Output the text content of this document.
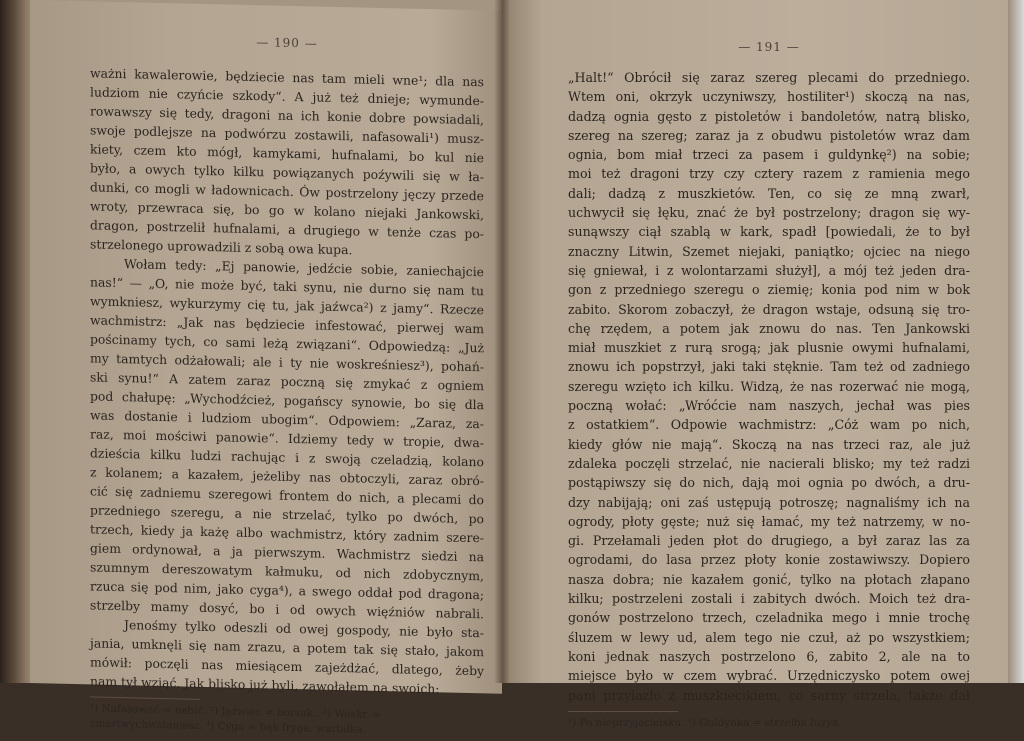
— 190 —
ważni kawalerowie, będziecie nas tam mieli wne¹; dla nas
ludziom nie czyńcie szkody“. A już też dnieje; wymunde-
rowawszy się tedy, dragoni na ich konie dobre powsiadali,
swoje podlejsze na podwórzu zostawili, nafasowali¹) musz-
kiety, czem kto mógł, kamykami, hufnalami, bo kul nie
było, a owych tylko kilku powiązanych poźywili się w ła-
dunki, co mogli w ładownicach. Ów postrzelony jęczy przede
wroty, przewraca się, bo go w kolano niejaki Jankowski,
dragon, postrzelił hufnalami, a drugiego w tenże czas po-
strzelonego uprowadzili z sobą owa kupa.
Wołam tedy: „Ej panowie, jedźcie sobie, zaniechajcie
nas!“ — „O, nie może być, taki synu, nie durno się nam tu
wymkniesz, wykurzymy cię tu, jak jaźwca²) z jamy“. Rzecze
wachmistrz: „Jak nas będziecie infestować, pierwej wam
pościnamy tych, co sami leżą związani“. Odpowiedzą: „Już
my tamtych odżałowali; ale i ty nie woskreśniesz³), pohań-
ski synu!“ A zatem zaraz poczną się zmykać z ogniem
pod chałupę: „Wychodźcież, pogańscy synowie, bo się dla
was dostanie i ludziom ubogim“. Odpowiem: „Zaraz, za-
raz, moi mościwi panowie“. Idziemy tedy w tropie, dwa-
dzieścia kilku ludzi rachując i z swoją czeladzią, kolano
z kolanem; a kazałem, jeżeliby nas obtoczyli, zaraz obró-
cić się zadniemu szeregowi frontem do nich, a plecami do
przedniego szeregu, a nie strzelać, tylko po dwóch, po
trzech, kiedy ja każę albo wachmistrz, który zadnim szere-
giem ordynował, a ja pierwszym. Wachmistrz siedzi na
szumnym dereszowatym kałmuku, od nich zdobycznym,
rzuca się pod nim, jako cyga⁴), a swego oddał pod dragona;
strzelby mamy dosyć, bo i od owych więźniów nabrali.
Jenośmy tylko odeszli od owej gospody, nie było sta-
jania, umknęli się nam zrazu, a potem tak się stało, jakom
mówił: poczęli nas miesiącem zajeżdżać, dlatego, żeby
nam tył wziąć. Jak blisko już byli, zawołałem na swoich:
¹) Nafasować = nabić. ²) Jaźwiec = borsuk.. ³) Woskr. =
zmartwychwstaniesz. ⁴) Cyga = bąk fryga, wartałka.
— 191 —
„Halt!“ Obrócił się zaraz szereg plecami do przedniego.
Wtem oni, okrzyk uczyniwszy, hostiliter¹) skoczą na nas,
dadzą ognia gęsto z pistoletów i bandoletów, natrą blisko,
szereg na szereg; zaraz ja z obudwu pistoletów wraz dam
ognia, bom miał trzeci za pasem i guldynkę²) na sobie;
moi też dragoni trzy czy cztery razem z ramienia mego
dali; dadzą z muszkietów. Ten, co się ze mną zwarł,
uchwycił się łęku, znać że był postrzelony; dragon się wy-
sunąwszy ciął szablą w kark, spadł [powiedali, że to był
znaczny Litwin, Szemet niejaki, paniątko; ojciec na niego
się gniewał, i z wolontarzami służył], a mój też jeden dra-
gon z przedniego szeregu o ziemię; konia pod nim w bok
zabito. Skorom zobaczył, że dragon wstaje, odsuną się tro-
chę rzędem, a potem jak znowu do nas. Ten Jankowski
miał muszkiet z rurą srogą; jak plusnie owymi hufnalami,
znowu ich popstrzył, jaki taki stęknie. Tam też od zadniego
szeregu wzięto ich kilku. Widzą, że nas rozerwać nie mogą,
poczną wołać: „Wróćcie nam naszych, jechał was pies
z ostatkiem“. Odpowie wachmistrz: „Cóż wam po nich,
kiedy głów nie mają“. Skoczą na nas trzeci raz, ale już
zdaleka poczęli strzelać, nie nacierali blisko; my też radzi
postąpiwszy się do nich, dają moi ognia po dwóch, a dru-
dzy nabijają; oni zaś ustępują potroszę; nagnaliśmy ich na
ogrody, płoty gęste; nuż się łamać, my też natrzemy, w no-
gi. Przełamali jeden płot do drugiego, a był zaraz las za
ogrodami, do lasa przez płoty konie zostawiwszy. Dopiero
nasza dobra; nie kazałem gonić, tylko na płotach złapano
kilku; postrzeleni zostali i zabitych dwóch. Moich też dra-
gonów postrzelono trzech, czeladnika mego i mnie trochę
śluzem w lewy ud, alem tego nie czuł, aż po wszystkiem;
koni jednak naszych postrzelono 6, zabito 2, ale na to
miejsce było w czem wybrać. Urzędniczysko potem owej
pani przylazło z muszkiecikiem, co sarny strzela, także dał
¹) Po nieprzyjacielsku. ²) Guldynka = strzelba fuzya.
